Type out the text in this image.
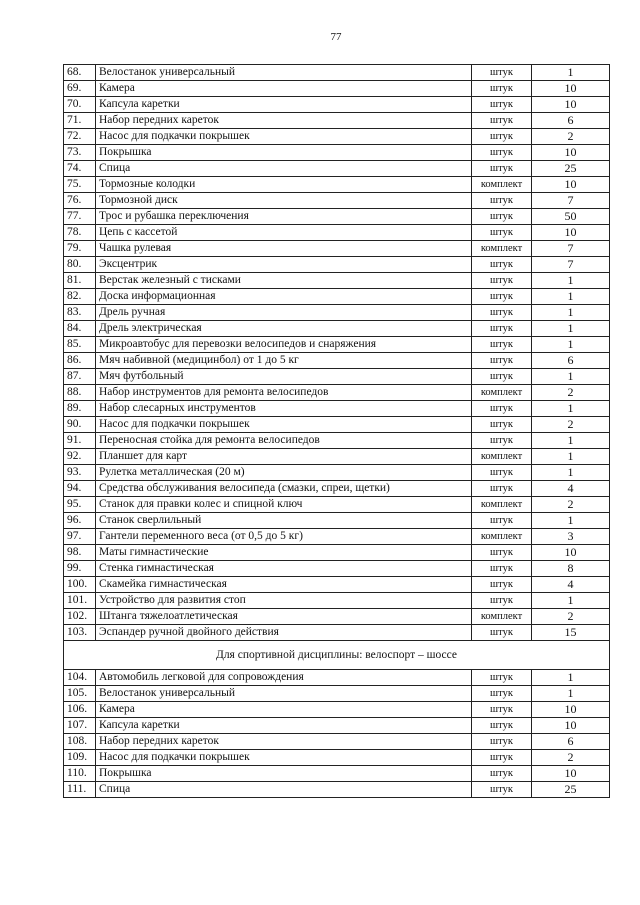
77
68.	Велостанок универсальный	штук	1
69.	Камера	штук	10
70.	Капсула каретки	штук	10
71.	Набор передних кареток	штук	6
72.	Насос для подкачки покрышек	штук	2
73.	Покрышка	штук	10
74.	Спица	штук	25
75.	Тормозные колодки	комплект	10
76.	Тормозной диск	штук	7
77.	Трос и рубашка переключения	штук	50
78.	Цепь с кассетой	штук	10
79.	Чашка рулевая	комплект	7
80.	Эксцентрик	штук	7
81.	Верстак железный с тисками	штук	1
82.	Доска информационная	штук	1
83.	Дрель ручная	штук	1
84.	Дрель электрическая	штук	1
85.	Микроавтобус для перевозки велосипедов и снаряжения	штук	1
86.	Мяч набивной (медицинбол) от 1 до 5 кг	штук	6
87.	Мяч футбольный	штук	1
88.	Набор инструментов для ремонта велосипедов	комплект	2
89.	Набор слесарных инструментов	штук	1
90.	Насос для подкачки покрышек	штук	2
91.	Переносная стойка для ремонта велосипедов	штук	1
92.	Планшет для карт	комплект	1
93.	Рулетка металлическая (20 м)	штук	1
94.	Средства обслуживания велосипеда (смазки, спреи, щетки)	штук	4
95.	Станок для правки колес и спицной ключ	комплект	2
96.	Станок сверлильный	штук	1
97.	Гантели переменного веса (от 0,5 до 5 кг)	комплект	3
98.	Маты гимнастические	штук	10
99.	Стенка гимнастическая	штук	8
100.	Скамейка гимнастическая	штук	4
101.	Устройство для развития стоп	штук	1
102.	Штанга тяжелоатлетическая	комплект	2
103.	Эспандер ручной двойного действия	штук	15
Для спортивной дисциплины: велоспорт – шоссе			
104.	Автомобиль легковой для сопровождения	штук	1
105.	Велостанок универсальный	штук	1
106.	Камера	штук	10
107.	Капсула каретки	штук	10
108.	Набор передних кареток	штук	6
109.	Насос для подкачки покрышек	штук	2
110.	Покрышка	штук	10
111.	Спица	штук	25
